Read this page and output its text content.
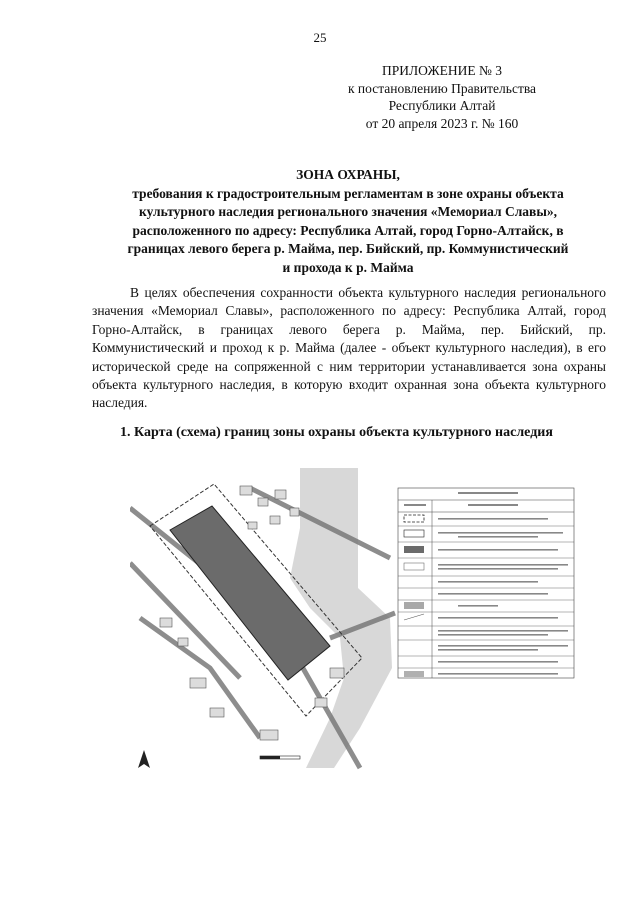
25
ПРИЛОЖЕНИЕ № 3
к постановлению Правительства
Республики Алтай
от 20 апреля 2023 г. № 160
ЗОНА ОХРАНЫ,
требования к градостроительным регламентам в зоне охраны объекта
культурного наследия регионального значения «Мемориал Славы»,
расположенного по адресу: Республика Алтай, город Горно-Алтайск, в
границах левого берега р. Майма, пер. Бийский, пр. Коммунистический
и прохода к р. Майма
В целях обеспечения сохранности объекта культурного наследия регионального значения «Мемориал Славы», расположенного по адресу: Республика Алтай, город Горно-Алтайск, в границах левого берега р. Майма, пер. Бийский, пр. Коммунистический и проход к р. Майма (далее - объект культурного наследия), в его исторической среде на сопряженной с ним территории устанавливается зона охраны объекта культурного наследия, в которую входит охранная зона объекта культурного наследия.
1. Карта (схема) границ зоны охраны объекта культурного наследия
